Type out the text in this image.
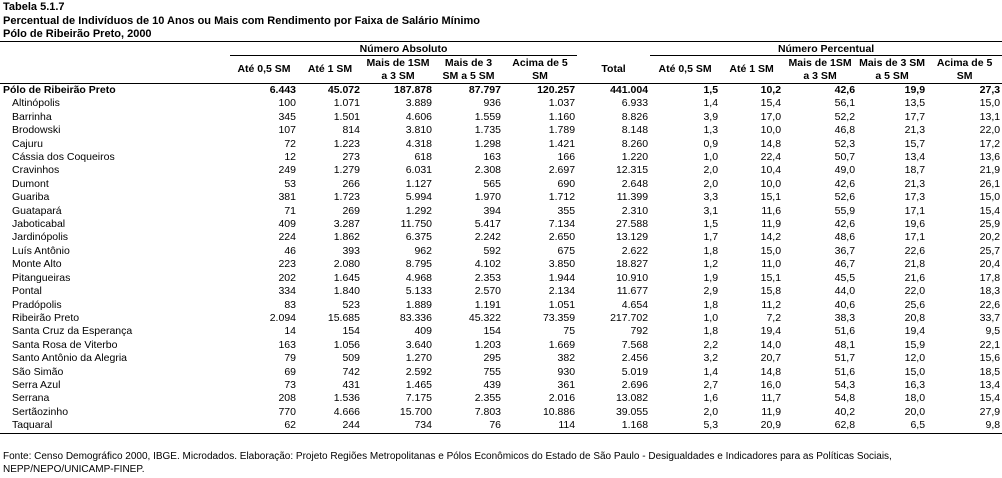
Tabela 5.1.7
Percentual de Indivíduos de 10 Anos ou Mais com Rendimento por Faixa de Salário Mínimo
Pólo de Ribeirão Preto, 2000
	Número Absoluto						Número Percentual				
	Até 0,5 SM	Até 1 SM	Mais de 1SM a 3 SM	Mais de 3 SM a 5 SM	Acima de 5 SM	Total	Até 0,5 SM	Até 1 SM	Mais de 1SM a 3 SM	Mais de 3 SM a 5 SM	Acima de 5 SM
Pólo de Ribeirão Preto	6.443	45.072	187.878	87.797	120.257	441.004	1,5	10,2	42,6	19,9	27,3
Altinópolis	100	1.071	3.889	936	1.037	6.933	1,4	15,4	56,1	13,5	15,0
Barrinha	345	1.501	4.606	1.559	1.160	8.826	3,9	17,0	52,2	17,7	13,1
Brodowski	107	814	3.810	1.735	1.789	8.148	1,3	10,0	46,8	21,3	22,0
Cajuru	72	1.223	4.318	1.298	1.421	8.260	0,9	14,8	52,3	15,7	17,2
Cássia dos Coqueiros	12	273	618	163	166	1.220	1,0	22,4	50,7	13,4	13,6
Cravinhos	249	1.279	6.031	2.308	2.697	12.315	2,0	10,4	49,0	18,7	21,9
Dumont	53	266	1.127	565	690	2.648	2,0	10,0	42,6	21,3	26,1
Guariba	381	1.723	5.994	1.970	1.712	11.399	3,3	15,1	52,6	17,3	15,0
Guatapará	71	269	1.292	394	355	2.310	3,1	11,6	55,9	17,1	15,4
Jaboticabal	409	3.287	11.750	5.417	7.134	27.588	1,5	11,9	42,6	19,6	25,9
Jardinópolis	224	1.862	6.375	2.242	2.650	13.129	1,7	14,2	48,6	17,1	20,2
Luís Antônio	46	393	962	592	675	2.622	1,8	15,0	36,7	22,6	25,7
Monte Alto	223	2.080	8.795	4.102	3.850	18.827	1,2	11,0	46,7	21,8	20,4
Pitangueiras	202	1.645	4.968	2.353	1.944	10.910	1,9	15,1	45,5	21,6	17,8
Pontal	334	1.840	5.133	2.570	2.134	11.677	2,9	15,8	44,0	22,0	18,3
Pradópolis	83	523	1.889	1.191	1.051	4.654	1,8	11,2	40,6	25,6	22,6
Ribeirão Preto	2.094	15.685	83.336	45.322	73.359	217.702	1,0	7,2	38,3	20,8	33,7
Santa Cruz da Esperança	14	154	409	154	75	792	1,8	19,4	51,6	19,4	9,5
Santa Rosa de Viterbo	163	1.056	3.640	1.203	1.669	7.568	2,2	14,0	48,1	15,9	22,1
Santo Antônio da Alegria	79	509	1.270	295	382	2.456	3,2	20,7	51,7	12,0	15,6
São Simão	69	742	2.592	755	930	5.019	1,4	14,8	51,6	15,0	18,5
Serra Azul	73	431	1.465	439	361	2.696	2,7	16,0	54,3	16,3	13,4
Serrana	208	1.536	7.175	2.355	2.016	13.082	1,6	11,7	54,8	18,0	15,4
Sertãozinho	770	4.666	15.700	7.803	10.886	39.055	2,0	11,9	40,2	20,0	27,9
Taquaral	62	244	734	76	114	1.168	5,3	20,9	62,8	6,5	9,8
Fonte: Censo Demográfico 2000, IBGE. Microdados. Elaboração: Projeto Regiões Metropolitanas e Pólos Econômicos do Estado de São Paulo - Desigualdades e Indicadores para as Políticas Sociais,
NEPP/NEPO/UNICAMP-FINEP.
